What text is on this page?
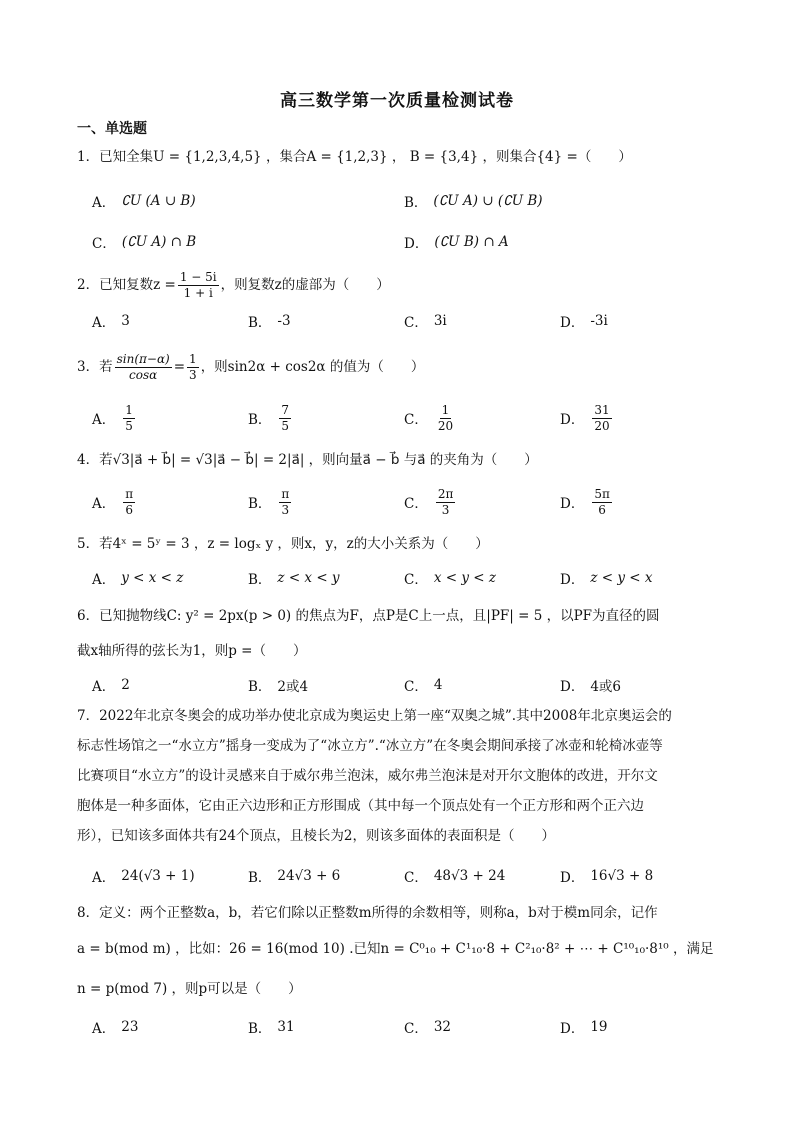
高三数学第一次质量检测试卷
一、单选题
1．已知全集U = {1,2,3,4,5} ，集合A = {1,2,3} ， B = {3,4} ，则集合{4} =（　　）
A． ∁U (A ∪ B)	B． (∁U A) ∪ (∁U B)
C． (∁U A) ∩ B	D． (∁U B) ∩ A
2．已知复数$z = \frac{1 - 5i}{1 + i}$ ，则复数z的虚部为（　　）
A． 3	B． -3	C． 3i	D． -3i
3．若 $\frac{\sin(\pi-\alpha)}{\cos\alpha} = \frac{1}{3}$ ，则sin2α + cos2α 的值为（　　）
A． $\frac{1}{5}$	B． $\frac{7}{5}$	C． $\frac{1}{20}$	D． $\frac{31}{20}$
4．若√3|a⃗ + b⃗| = √3|a⃗ − b⃗| = 2|a⃗| ，则向量a⃗ − b⃗ 与a⃗ 的夹角为（　　）
A． $\frac{\pi}{6}$	B． $\frac{\pi}{3}$	C． $\frac{2\pi}{3}$	D． $\frac{5\pi}{6}$
5．若4ˣ = 5ʸ = 3 ，z = logₓ y ，则x，y，z的大小关系为（　　）
A． y < x < z	B． z < x < y	C． x < y < z	D． z < y < x
6．已知抛物线C: y² = 2px(p > 0) 的焦点为F，点P是C上一点，且|PF| = 5 ，以PF为直径的圆
截x轴所得的弦长为1，则p =（　　）
A． 2	B． 2或4	C． 4	D． 4或6
7．2022年北京冬奥会的成功举办使北京成为奥运史上第一座“双奥之城”.其中2008年北京奥运会的
标志性场馆之一“水立方”摇身一变成为了“冰立方”.“冰立方”在冬奥会期间承接了冰壶和轮椅冰壶等
比赛项目“水立方”的设计灵感来自于威尔弗兰泡沫，威尔弗兰泡沫是对开尔文胞体的改进，开尔文
胞体是一种多面体，它由正六边形和正方形围成（其中每一个顶点处有一个正方形和两个正六边
形），已知该多面体共有24个顶点，且棱长为2，则该多面体的表面积是（　　）
A． 24(√3 + 1)	B． 24√3 + 6	C． 48√3 + 24	D． 16√3 + 8
8．定义：两个正整数a，b，若它们除以正整数m所得的余数相等，则称a，b对于模m同余，记作
a = b(mod m) ，比如：26 = 16(mod 10) .已知n = C⁰₁₀ + C¹₁₀·8 + C²₁₀·8² + ⋯ + C¹⁰₁₀·8¹⁰ ，满足
n = p(mod 7) ，则p可以是（　　）
A． 23	B． 31	C． 32	D． 19
